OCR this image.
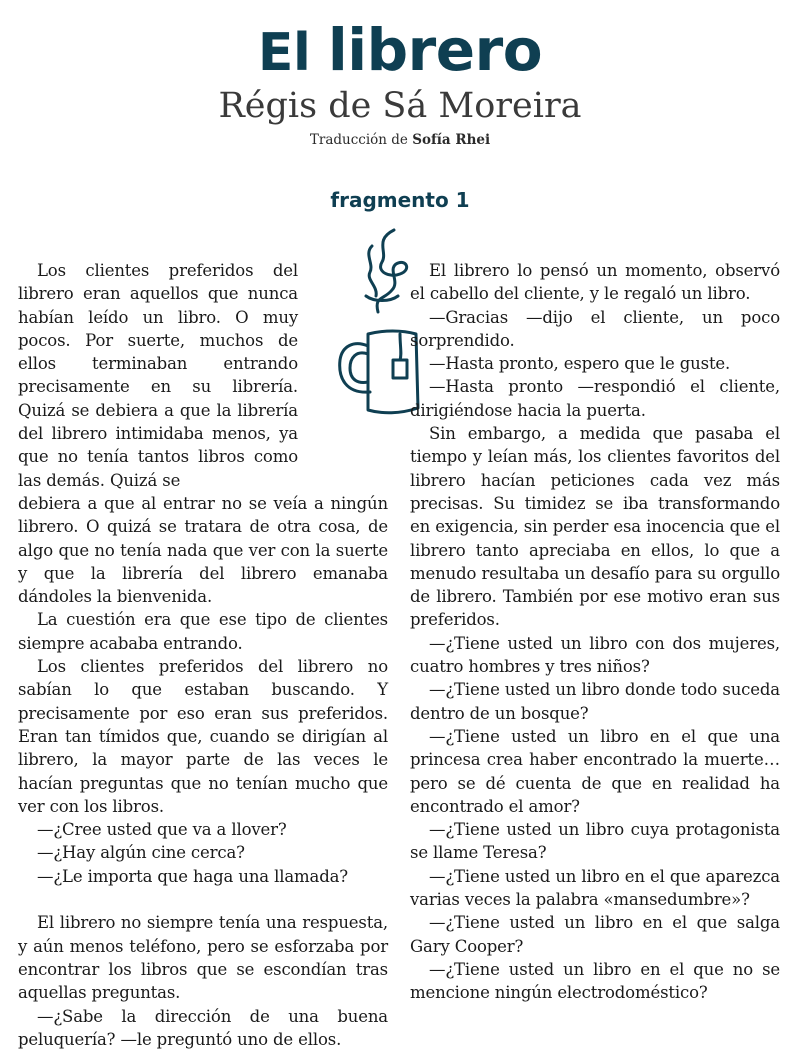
El librero
Régis de Sá Moreira
Traducción de Sofía Rhei
fragmento 1

Los clientes preferidos del librero eran aquellos que nunca habían leído un libro. O muy pocos. Por suerte, muchos de ellos terminaban entrando precisamente en su librería. Quizá se debiera a que la librería del librero intimidaba menos, ya que no tenía tantos libros como las demás. Quizá se
debiera a que al entrar no se veía a ningún librero. O quizá se tratara de otra cosa, de algo que no tenía nada que ver con la suerte y que la librería del librero emanaba dándoles la bienvenida.

La cuestión era que ese tipo de clientes siempre acababa entrando.

Los clientes preferidos del librero no sabían lo que estaban buscando. Y precisamente por eso eran sus preferidos. Eran tan tímidos que, cuando se dirigían al librero, la mayor parte de las veces le hacían preguntas que no tenían mucho que ver con los libros.

—¿Cree usted que va a llover?

—¿Hay algún cine cerca?

—¿Le importa que haga una llamada?

El librero no siempre tenía una respuesta, y aún menos teléfono, pero se esforzaba por encontrar los libros que se escondían tras aquellas preguntas.

—¿Sabe la dirección de una buena peluquería? —le preguntó uno de ellos.

El librero lo pensó un momento, observó el cabello del cliente, y le regaló un libro.

—Gracias —dijo el cliente, un poco sorprendido.

—Hasta pronto, espero que le guste.

—Hasta pronto —respondió el cliente, dirigiéndose hacia la puerta.

Sin embargo, a medida que pasaba el tiempo y leían más, los clientes favoritos del librero hacían peticiones cada vez más precisas. Su timidez se iba transformando en exigencia, sin perder esa inocencia que el librero tanto apreciaba en ellos, lo que a menudo resultaba un desafío para su orgullo de librero. También por ese motivo eran sus preferidos.

—¿Tiene usted un libro con dos mujeres, cuatro hombres y tres niños?

—¿Tiene usted un libro donde todo suceda dentro de un bosque?

—¿Tiene usted un libro en el que una princesa crea haber encontrado la muerte… pero se dé cuenta de que en realidad ha encontrado el amor?

—¿Tiene usted un libro cuya protagonista se llame Teresa?

—¿Tiene usted un libro en el que aparezca varias veces la palabra «mansedumbre»?

—¿Tiene usted un libro en el que salga Gary Cooper?

—¿Tiene usted un libro en el que no se mencione ningún electrodoméstico?
